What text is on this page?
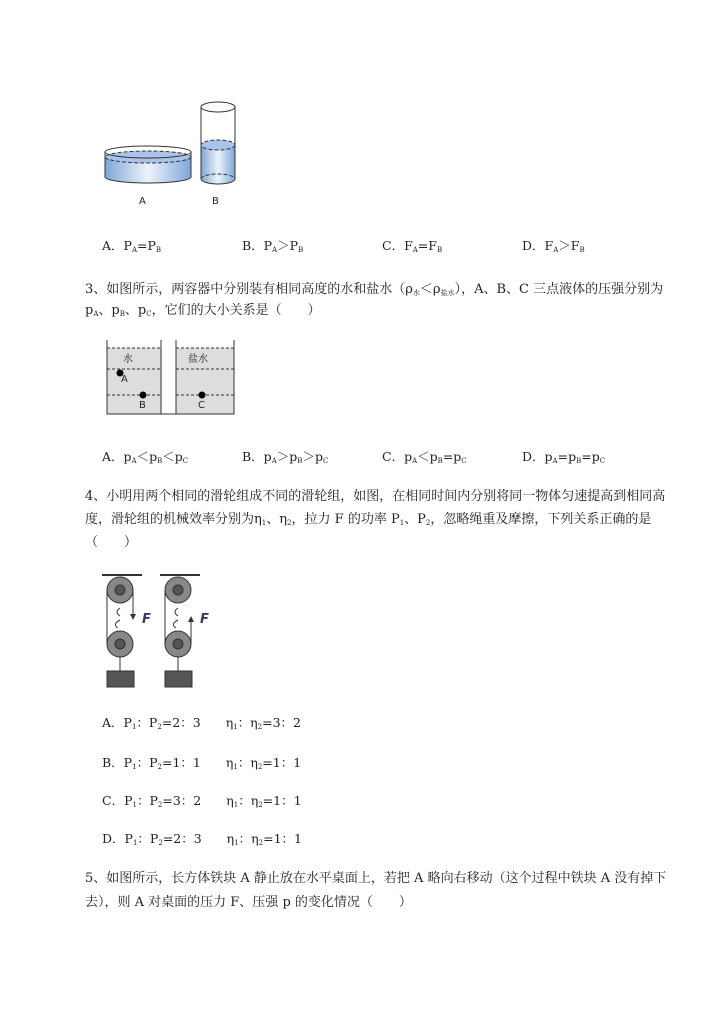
A	B
A．$P_A=P_B$	B．$P_A>P_B$	C．$F_A=F_B$	D．$F_A>F_B$
3、如图所示，两容器中分别装有相同高度的水和盐水$(\rho_水<\rho_{盐水})$，A、B、C 三点液体的压强分别为
$p_A$、$p_B$、$p_C$，它们的大小关系是（　　）
水	盐水
A
B	C
A．$p_A<p_B<p_C$	B．$p_A>p_B>p_C$	C．$p_A<p_B=p_C$	D．$p_A=p_B=p_C$
4、小明用两个相同的滑轮组成不同的滑轮组，如图，在相同时间内分别将同一物体匀速提高到相同高
度，滑轮组的机械效率分别为$\eta_1$、$\eta_2$，拉力 F 的功率 $P_1$、$P_2$，忽略绳重及摩擦，下列关系正确的是
（　　）
F	F
A．$P_1$：$P_2=2$：3　　$\eta_1$：$\eta_2=3$：2
B．$P_1$：$P_2=1$：1　　$\eta_1$：$\eta_2=1$：1
C．$P_1$：$P_2=3$：2　　$\eta_1$：$\eta_2=1$：1
D．$P_1$：$P_2=2$：3　　$\eta_1$：$\eta_2=1$：1
5、如图所示，长方体铁块 A 静止放在水平桌面上，若把 A 略向右移动（这个过程中铁块 A 没有掉下
去），则 A 对桌面的压力 F、压强 p 的变化情况（　　）
